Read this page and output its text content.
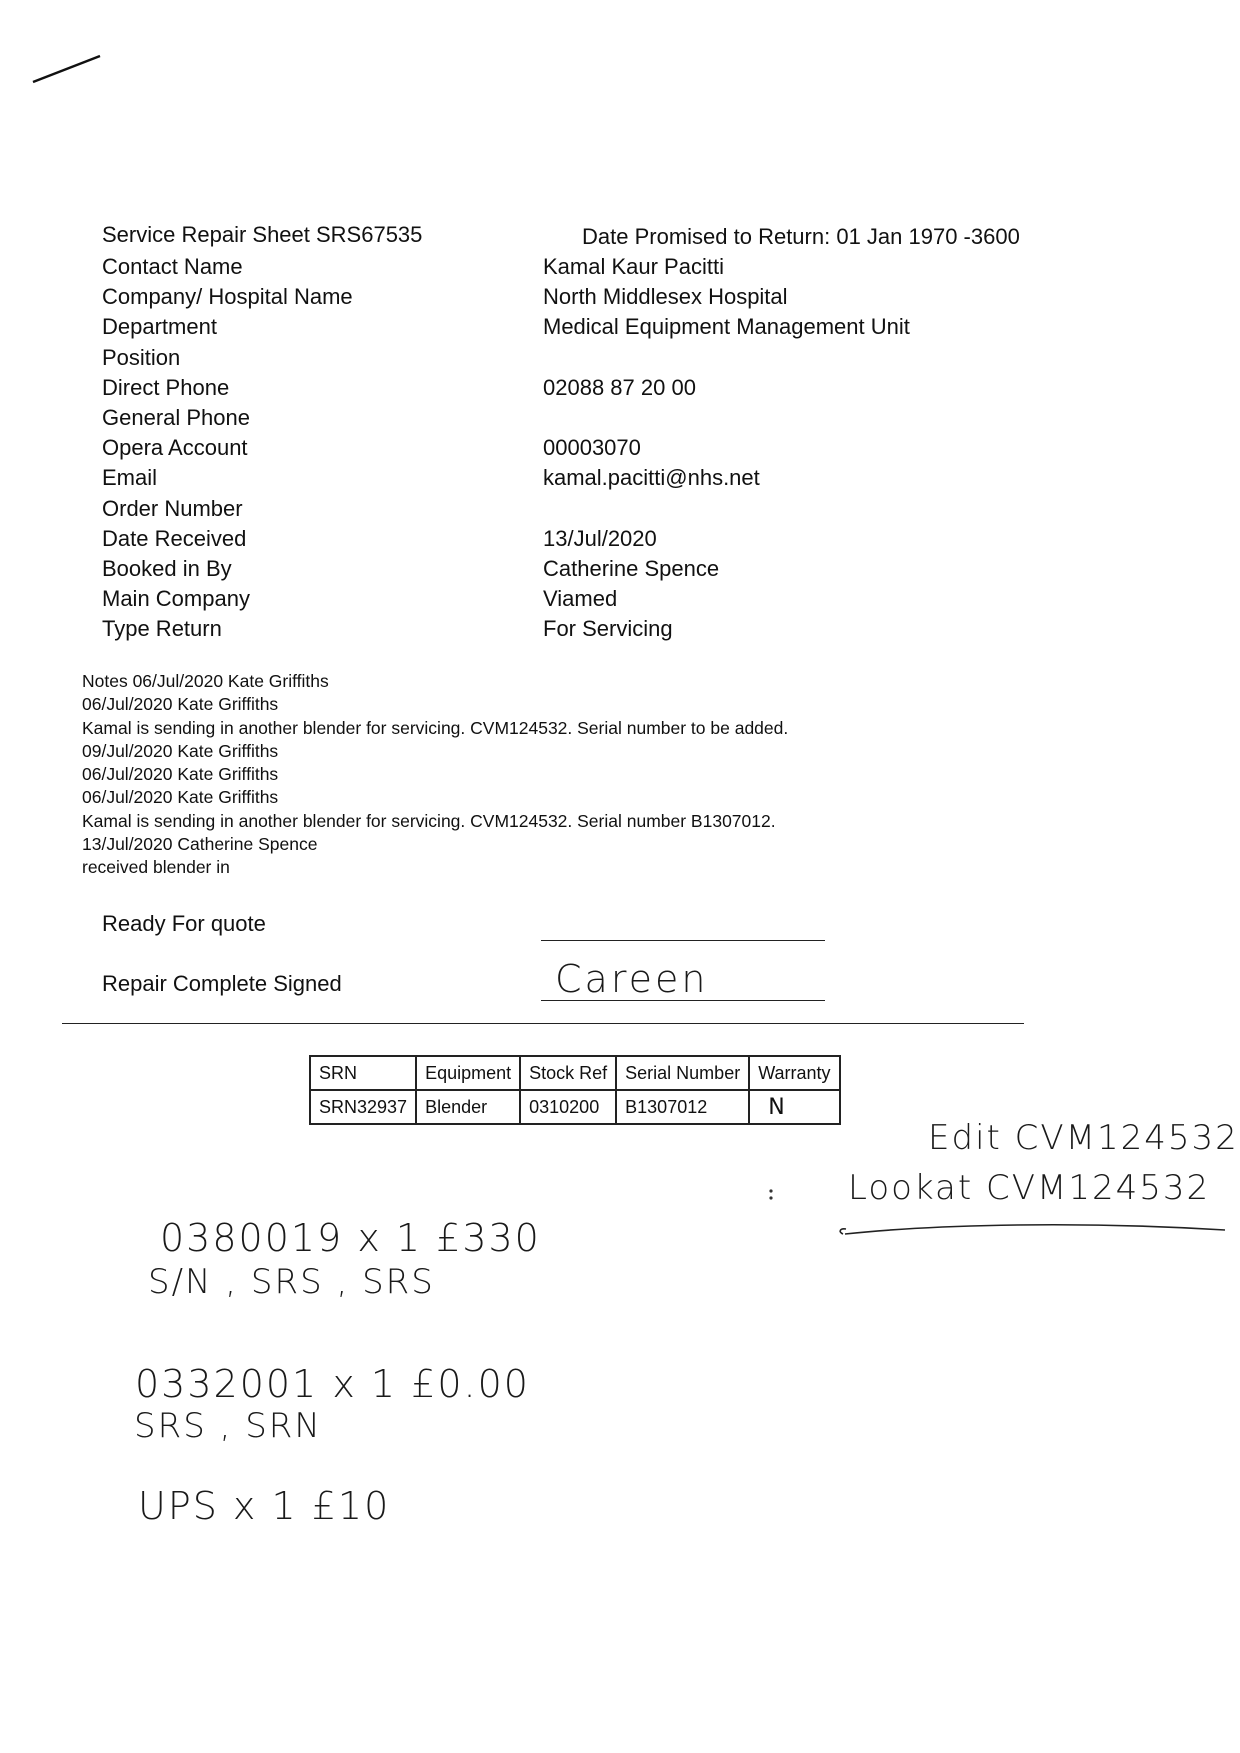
Service Repair Sheet SRS67535	Date Promised to Return: 01 Jan 1970 -3600
Contact Name	Kamal Kaur Pacitti
Company/ Hospital Name	North Middlesex Hospital
Department	Medical Equipment Management Unit
Position
Direct Phone	02088 87 20 00
General Phone
Opera Account	00003070
Email	kamal.pacitti@nhs.net
Order Number
Date Received	13/Jul/2020
Booked in By	Catherine Spence
Main Company	Viamed
Type Return	For Servicing
Notes 06/Jul/2020 Kate Griffiths
06/Jul/2020 Kate Griffiths
Kamal is sending in another blender for servicing. CVM124532. Serial number to be added.
09/Jul/2020 Kate Griffiths
06/Jul/2020 Kate Griffiths
06/Jul/2020 Kate Griffiths
Kamal is sending in another blender for servicing. CVM124532. Serial number B1307012.
13/Jul/2020 Catherine Spence
received blender in
Ready For quote
Repair Complete Signed	Careen
SRN	Equipment	Stock Ref	Serial Number	Warranty
SRN32937	Blender	0310200	B1307012	N
Edit CVM124532
Lookat CVM124532
0380019 x 1 £330
S/N , SRS , SRS
0332001 x 1 £0.00
SRS , SRN
UPS x 1 £10
